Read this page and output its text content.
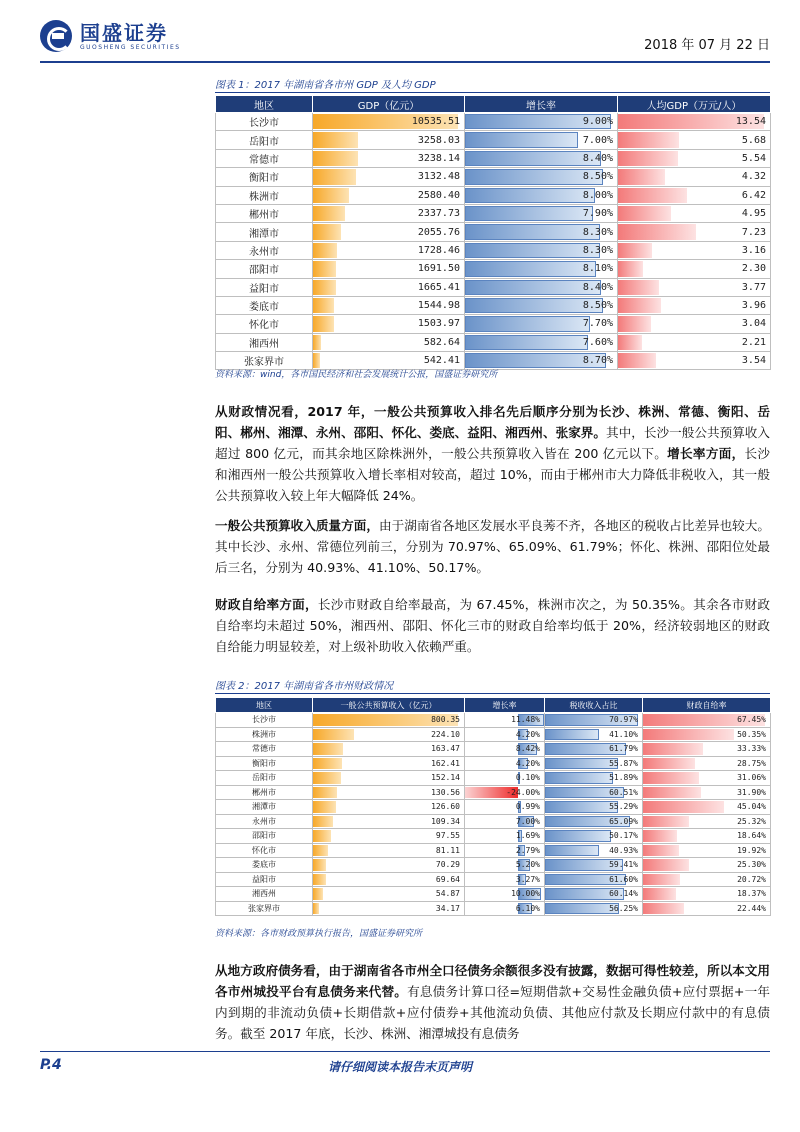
国盛证券
GUOSHENG SECURITIES	2018 年 07 月 22 日
图表 1：2017 年湖南省各市州 GDP 及人均 GDP
地区	GDP（亿元）	增长率	人均GDP（万元/人）
长沙市	10535.51	9.00%	13.54
岳阳市	3258.03	7.00%	5.68
常德市	3238.14	8.40%	5.54
衡阳市	3132.48	8.50%	4.32
株洲市	2580.40	8.00%	6.42
郴州市	2337.73	7.90%	4.95
湘潭市	2055.76	8.30%	7.23
永州市	1728.46	8.30%	3.16
邵阳市	1691.50	8.10%	2.30
益阳市	1665.41	8.40%	3.77
娄底市	1544.98	8.50%	3.96
怀化市	1503.97	7.70%	3.04
湘西州	582.64	7.60%	2.21
张家界市	542.41	8.70%	3.54
资料来源：wind，各市国民经济和社会发展统计公报，国盛证券研究所
从财政情况看，2017 年，一般公共预算收入排名先后顺序分别为长沙、株洲、常德、衡阳、岳阳、郴州、湘潭、永州、邵阳、怀化、娄底、益阳、湘西州、张家界。其中，长沙一般公共预算收入超过 800 亿元，而其余地区除株洲外，一般公共预算收入皆在 200 亿元以下。增长率方面，长沙和湘西州一般公共预算收入增长率相对较高，超过 10%，而由于郴州市大力降低非税收入，其一般公共预算收入较上年大幅降低 24%。
一般公共预算收入质量方面，由于湖南省各地区发展水平良莠不齐，各地区的税收占比差异也较大。其中长沙、永州、常德位列前三，分别为 70.97%、65.09%、61.79%；怀化、株洲、邵阳位处最后三名，分别为 40.93%、41.10%、50.17%。
财政自给率方面，长沙市财政自给率最高，为 67.45%，株洲市次之，为 50.35%。其余各市财政自给率均未超过 50%，湘西州、邵阳、怀化三市的财政自给率均低于 20%，经济较弱地区的财政自给能力明显较差，对上级补助收入依赖严重。
图表 2：2017 年湖南省各市州财政情况
地区	一般公共预算收入（亿元）	增长率	税收收入占比	财政自给率
长沙市	800.35	11.48%	70.97%	67.45%
株洲市	224.10	4.20%	41.10%	50.35%
常德市	163.47	8.42%	61.79%	33.33%
衡阳市	162.41	4.20%	55.87%	28.75%
岳阳市	152.14	0.10%	51.89%	31.06%
郴州市	130.56	-24.00%	60.51%	31.90%
湘潭市	126.60	0.99%	55.29%	45.04%
永州市	109.34	7.00%	65.09%	25.32%
邵阳市	97.55	1.69%	50.17%	18.64%
怀化市	81.11	2.79%	40.93%	19.92%
娄底市	70.29	5.20%	59.41%	25.30%
益阳市	69.64	3.27%	61.60%	20.72%
湘西州	54.87	10.00%	60.14%	18.37%
张家界市	34.17	6.10%	56.25%	22.44%
资料来源：各市财政预算执行报告，国盛证券研究所
从地方政府债务看，由于湖南省各市州全口径债务余额很多没有披露，数据可得性较差，所以本文用各市州城投平台有息债务来代替。有息债务计算口径=短期借款+交易性金融负债+应付票据+一年内到期的非流动负债+长期借款+应付债券+其他流动负债、其他应付款及长期应付款中的有息债务。截至 2017 年底，长沙、株洲、湘潭城投有息债务
P.4	请仔细阅读本报告末页声明
